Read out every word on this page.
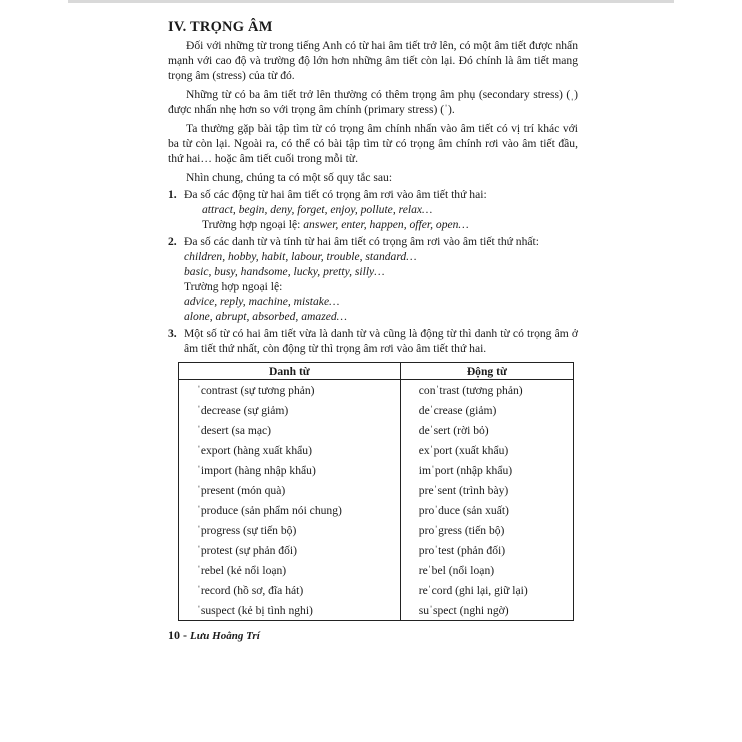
IV. TRỌNG ÂM

Đối với những từ trong tiếng Anh có từ hai âm tiết trở lên, có một âm tiết được nhấn mạnh với cao độ và trường độ lớn hơn những âm tiết còn lại. Đó chính là âm tiết mang trọng âm (stress) của từ đó.

Những từ có ba âm tiết trở lên thường có thêm trọng âm phụ (secondary stress) (ˌ) được nhấn nhẹ hơn so với trọng âm chính (primary stress) (ˈ).

Ta thường gặp bài tập tìm từ có trọng âm chính nhấn vào âm tiết có vị trí khác với ba từ còn lại. Ngoài ra, có thể có bài tập tìm từ có trọng âm chính rơi vào âm tiết đầu, thứ hai… hoặc âm tiết cuối trong mỗi từ.

Nhìn chung, chúng ta có một số quy tắc sau:

1. Đa số các động từ hai âm tiết có trọng âm rơi vào âm tiết thứ hai:

attract, begin, deny, forget, enjoy, pollute, relax…

Trường hợp ngoại lệ: answer, enter, happen, offer, open…

2. Đa số các danh từ và tính từ hai âm tiết có trọng âm rơi vào âm tiết thứ nhất:

children, hobby, habit, labour, trouble, standard…

basic, busy, handsome, lucky, pretty, silly…

Trường hợp ngoại lệ:

advice, reply, machine, mistake…

alone, abrupt, absorbed, amazed…

3. Một số từ có hai âm tiết vừa là danh từ và cũng là động từ thì danh từ có trọng âm ở âm tiết thứ nhất, còn động từ thì trọng âm rơi vào âm tiết thứ hai.

Danh từ	Động từ
ˈcontrast (sự tương phản)	conˈtrast (tương phản)
ˈdecrease (sự giảm)	deˈcrease (giảm)
ˈdesert (sa mạc)	deˈsert (rời bỏ)
ˈexport (hàng xuất khẩu)	exˈport (xuất khẩu)
ˈimport (hàng nhập khẩu)	imˈport (nhập khẩu)
ˈpresent (món quà)	preˈsent (trình bày)
ˈproduce (sản phẩm nói chung)	proˈduce (sản xuất)
ˈprogress (sự tiến bộ)	proˈgress (tiến bộ)
ˈprotest (sự phản đối)	proˈtest (phản đối)
ˈrebel (kẻ nổi loạn)	reˈbel (nổi loạn)
ˈrecord (hồ sơ, đĩa hát)	reˈcord (ghi lại, giữ lại)
ˈsuspect (kẻ bị tình nghi)	suˈspect (nghi ngờ)
10 - Lưu Hoằng Trí
